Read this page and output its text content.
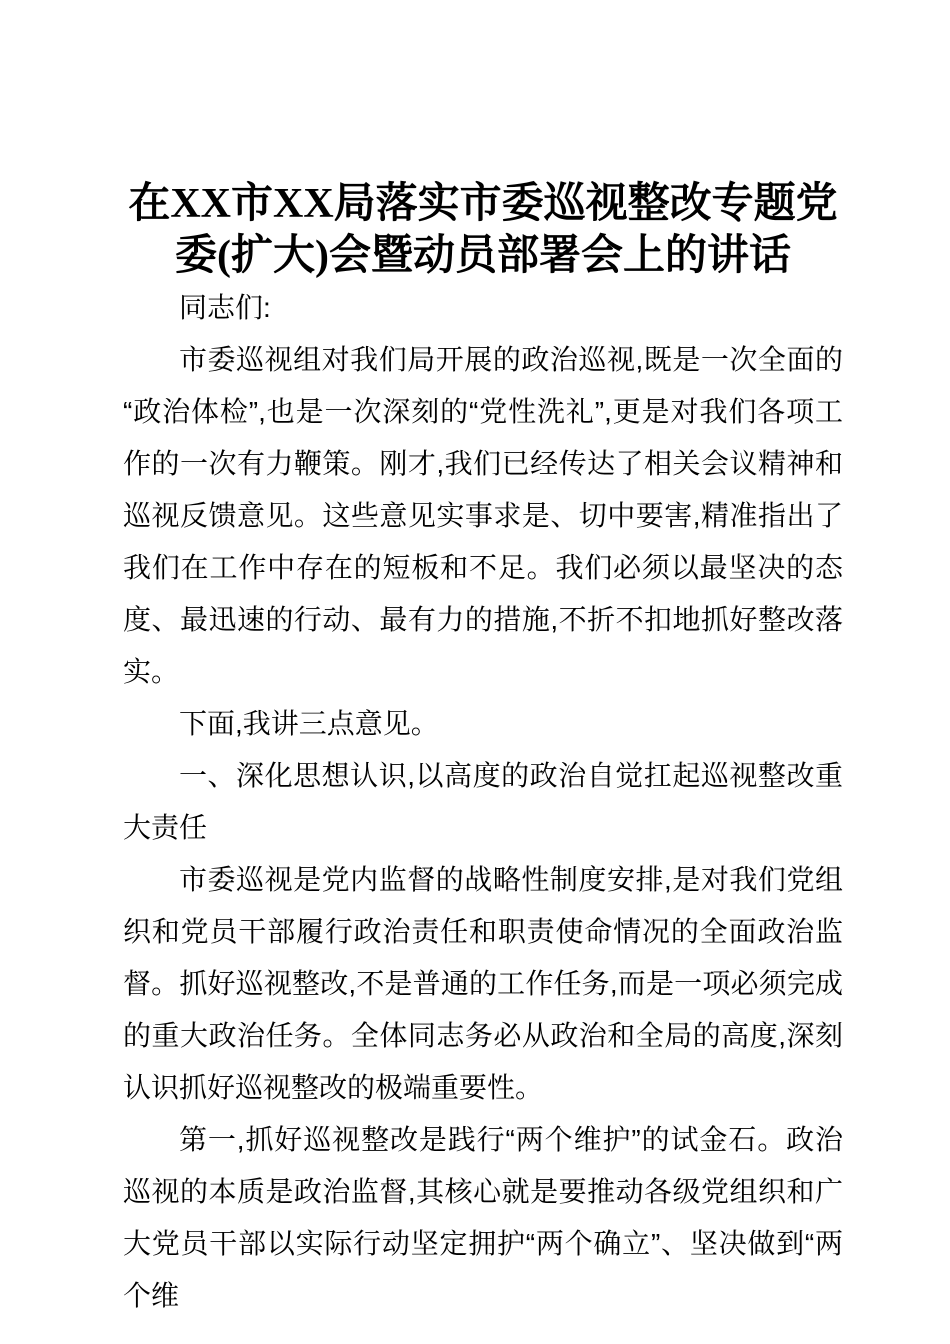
在XX市XX局落实市委巡视整改专题党委(扩大)会暨动员部署会上的讲话

同志们:

市委巡视组对我们局开展的政治巡视,既是一次全面的“政治体检”,也是一次深刻的“党性洗礼”,更是对我们各项工作的一次有力鞭策。刚才,我们已经传达了相关会议精神和巡视反馈意见。这些意见实事求是、切中要害,精准指出了我们在工作中存在的短板和不足。我们必须以最坚决的态度、最迅速的行动、最有力的措施,不折不扣地抓好整改落实。

下面,我讲三点意见。

一、深化思想认识,以高度的政治自觉扛起巡视整改重大责任

市委巡视是党内监督的战略性制度安排,是对我们党组织和党员干部履行政治责任和职责使命情况的全面政治监督。抓好巡视整改,不是普通的工作任务,而是一项必须完成的重大政治任务。全体同志务必从政治和全局的高度,深刻认识抓好巡视整改的极端重要性。

第一,抓好巡视整改是践行“两个维护”的试金石。政治巡视的本质是政治监督,其核心就是要推动各级党组织和广大党员干部以实际行动坚定拥护“两个确立”、坚决做到“两个维
